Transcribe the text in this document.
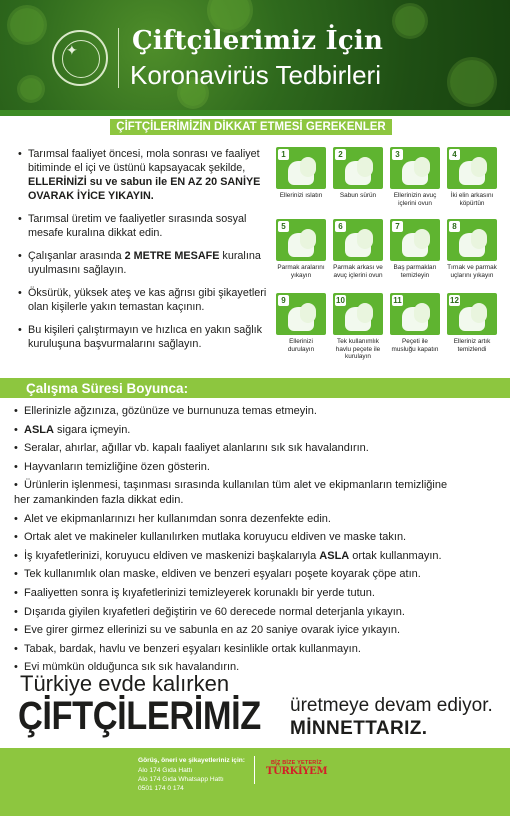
✦ Çiftçilerimiz İçin
Koronavirüs Tedbirleri
ÇİFTÇİLERİMİZİN DİKKAT ETMESİ GEREKENLER
• Tarımsal faaliyet öncesi, mola sonrası ve faaliyet bitiminde el içi ve üstünü kapsayacak şekilde, ELLERİNİZİ su ve sabun ile EN AZ 20 SANİYE OVARAK İYİCE YIKAYIN.
• Tarımsal üretim ve faaliyetler sırasında sosyal mesafe kuralına dikkat edin.
• Çalışanlar arasında 2 METRE MESAFE kuralına uyulmasını sağlayın.
• Öksürük, yüksek ateş ve kas ağrısı gibi şikayetleri olan kişilerle yakın temastan kaçının.
• Bu kişileri çalıştırmayın ve hızlıca en yakın sağlık kuruluşuna başvurmalarını sağlayın.
1
Ellerinizi ıslatın
2
Sabun sürün
3
Ellerinizin avuç içlerini ovun
4
İki elin arkasını köpürtün
5
Parmak aralarını yıkayın
6
Parmak arkası ve avuç içlerini ovun
7
Baş parmakları temizleyin
8
Tırnak ve parmak uçlarını yıkayın
9
Ellerinizi durulayın
10
Tek kullanımlık havlu peçete ile kurulayın
11
Peçeti ile musluğu kapatın
12
Elleriniz artık temizlendi
Çalışma Süresi Boyunca:
• Ellerinizle ağzınıza, gözünüze ve burnunuza temas etmeyin.
• ASLA sigara içmeyin.
• Seralar, ahırlar, ağıllar vb. kapalı faaliyet alanlarını sık sık havalandırın.
• Hayvanların temizliğine özen gösterin.
• Ürünlerin işlenmesi, taşınması sırasında kullanılan tüm alet ve ekipmanların temizliğine
her zamankinden fazla dikkat edin.
• Alet ve ekipmanlarınızı her kullanımdan sonra dezenfekte edin.
• Ortak alet ve makineler kullanılırken mutlaka koruyucu eldiven ve maske takın.
• İş kıyafetlerinizi, koruyucu eldiven ve maskenizi başkalarıyla ASLA ortak kullanmayın.
• Tek kullanımlık olan maske, eldiven ve benzeri eşyaları poşete koyarak çöpe atın.
• Faaliyetten sonra iş kıyafetlerinizi temizleyerek korunaklı bir yerde tutun.
• Dışarıda giyilen kıyafetleri değiştirin ve 60 derecede normal deterjanla yıkayın.
• Eve girer girmez ellerinizi su ve sabunla en az 20 saniye ovarak iyice yıkayın.
• Tabak, bardak, havlu ve benzeri eşyaları kesinlikle ortak kullanmayın.
• Evi mümkün olduğunca sık sık havalandırın.
Türkiye evde kalırken
ÇİFTÇİLERİMİZ üretmeye devam ediyor.
MİNNETTARIZ.
Görüş, öneri ve şikayetleriniz için:
Alo 174 Gıda Hattı
Alo 174 Gıda Whatsapp Hattı
0501 174 0 174
BİZ BİZE YETERİZ
TÜRKİYEM
